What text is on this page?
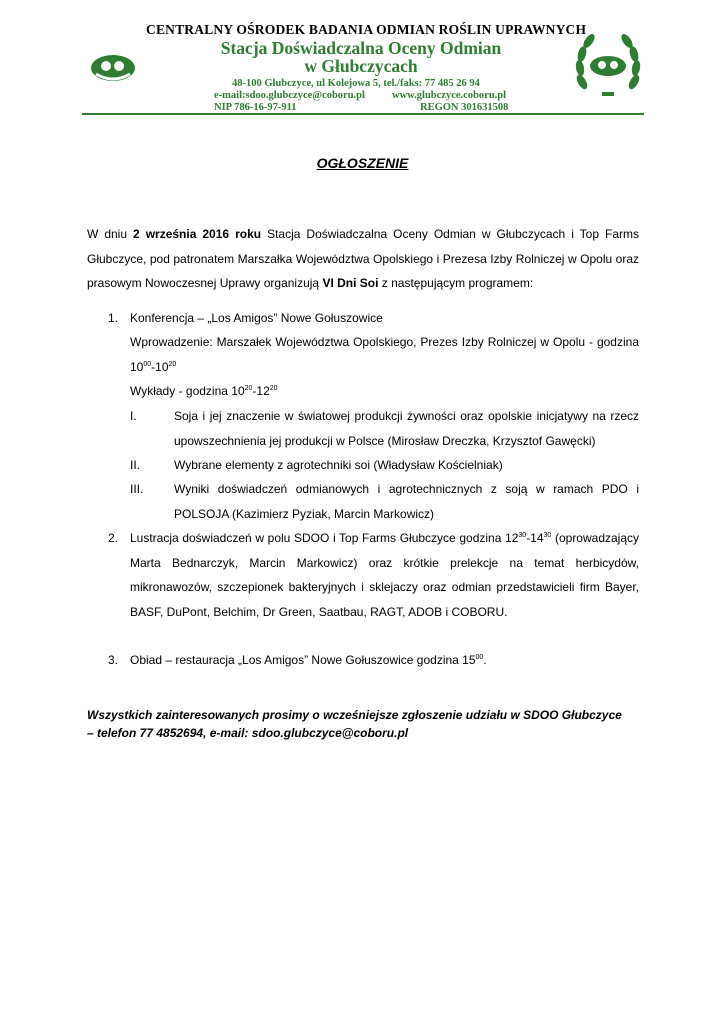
CENTRALNY OŚRODEK BADANIA ODMIAN ROŚLIN UPRAWNYCH
Stacja Doświadczalna Oceny Odmian
w Głubczycach
48-100 Głubczyce, ul Kolejowa 5, tel./faks: 77 485 26 94
e-mail:sdoo.glubczyce@coboru.pl	www.glubczyce.coboru.pl
NIP 786-16-97-911	REGON 301631508
OGŁOSZENIE
W dniu 2 września 2016 roku Stacja Doświadczalna Oceny Odmian w Głubczycach i Top Farms Głubczyce, pod patronatem Marszałka Województwa Opolskiego i Prezesa Izby Rolniczej w Opolu oraz prasowym Nowoczesnej Uprawy organizują VI Dni Soi z następującym programem:
1. Konferencja – „Los Amigos” Nowe Gołuszowice
Wprowadzenie: Marszałek Województwa Opolskiego, Prezes Izby Rolniczej w Opolu - godzina $10^{00}-10^{20}$
Wykłady - godzina $10^{20}-12^{20}$
I.	Soja i jej znaczenie w światowej produkcji żywności oraz opolskie inicjatywy na rzecz upowszechnienia jej produkcji w Polsce (Mirosław Dreczka, Krzysztof Gawęcki)
II.	Wybrane elementy z agrotechniki soi (Władysław Kościelniak)
III.	Wyniki doświadczeń odmianowych i agrotechnicznych z soją w ramach PDO i POLSOJA (Kazimierz Pyziak, Marcin Markowicz)
2. Lustracja doświadczeń w polu SDOO i Top Farms Głubczyce godzina $12^{30}-14^{30}$ (oprowadzający Marta Bednarczyk, Marcin Markowicz) oraz krótkie prelekcje na temat herbicydów, mikronawozów, szczepionek bakteryjnych i sklejaczy oraz odmian przedstawicieli firm Bayer, BASF, DuPont, Belchim, Dr Green, Saatbau, RAGT, ADOB i COBORU.
3. Obiad – restauracja „Los Amigos” Nowe Gołuszowice godzina $15^{00}$.
Wszystkich zainteresowanych prosimy o wcześniejsze zgłoszenie udziału w SDOO Głubczyce
– telefon 77 4852694, e-mail: sdoo.glubczyce@coboru.pl
